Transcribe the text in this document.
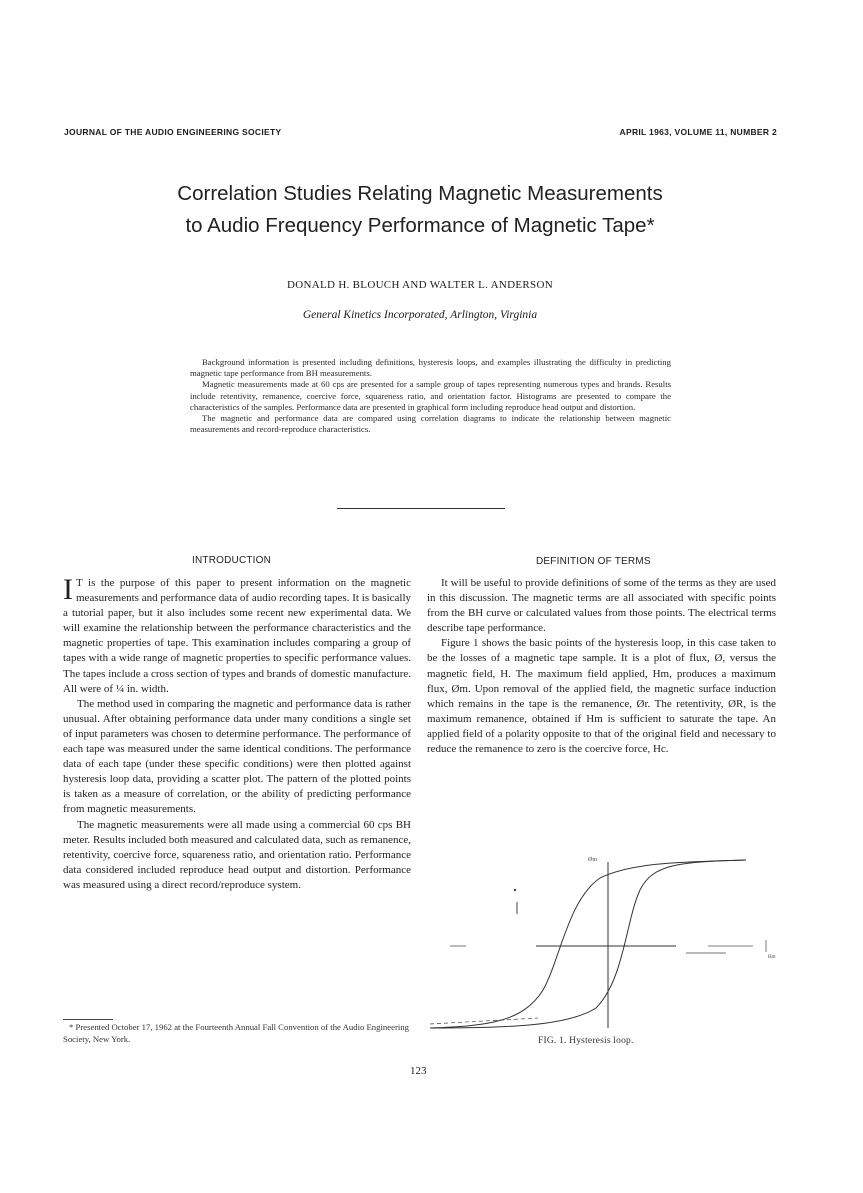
JOURNAL OF THE AUDIO ENGINEERING SOCIETY	APRIL 1963, VOLUME 11, NUMBER 2
Correlation Studies Relating Magnetic Measurements
to Audio Frequency Performance of Magnetic Tape*
DONALD H. BLOUCH AND WALTER L. ANDERSON
General Kinetics Incorporated, Arlington, Virginia

Background information is presented including definitions, hysteresis loops, and examples illustrating the difficulty in predicting magnetic tape performance from BH measurements.

Magnetic measurements made at 60 cps are presented for a sample group of tapes representing numerous types and brands. Results include retentivity, remanence, coercive force, squareness ratio, and orientation factor. Histograms are presented to compare the characteristics of the samples. Performance data are presented in graphical form including reproduce head output and distortion.

The magnetic and performance data are compared using correlation diagrams to indicate the relationship between magnetic measurements and record-reproduce characteristics.

INTRODUCTION	DEFINITION OF TERMS

I T is the purpose of this paper to present information on the magnetic measurements and performance data of audio recording tapes. It is basically a tutorial paper, but it also includes some recent new experimental data. We will examine the relationship between the performance characteristics and the magnetic properties of tape. This examination includes comparing a group of tapes with a wide range of magnetic properties to specific performance values. The tapes include a cross section of types and brands of domestic manufacture. All were of ¼ in. width.

The method used in comparing the magnetic and performance data is rather unusual. After obtaining performance data under many conditions a single set of input parameters was chosen to determine performance. The performance of each tape was measured under the same identical conditions. The performance data of each tape (under these specific conditions) were then plotted against hysteresis loop data, providing a scatter plot. The pattern of the plotted points is taken as a measure of correlation, or the ability of predicting performance from magnetic measurements.

The magnetic measurements were all made using a commercial 60 cps BH meter. Results included both measured and calculated data, such as remanence, retentivity, coercive force, squareness ratio, and orientation ratio. Performance data considered included reproduce head output and distortion. Performance was measured using a direct record/reproduce system.

It will be useful to provide definitions of some of the terms as they are used in this discussion. The magnetic terms are all associated with specific points from the BH curve or calculated values from those points. The electrical terms describe tape performance.

Figure 1 shows the basic points of the hysteresis loop, in this case taken to be the losses of a magnetic tape sample. It is a plot of flux, Ø, versus the magnetic field, H. The maximum field applied, Hm, produces a maximum flux, Øm. Upon removal of the applied field, the magnetic surface induction which remains in the tape is the remanence, Ør. The retentivity, ØR, is the maximum remanence, obtained if Hm is sufficient to saturate the tape. An applied field of a polarity opposite to that of the original field and necessary to reduce the remanence to zero is the coercive force, Hc.

* Presented October 17, 1962 at the Fourteenth Annual Fall Convention of the Audio Engineering Society, New York.
Øm
Hm
FIG. 1. Hysteresis loop.
123
